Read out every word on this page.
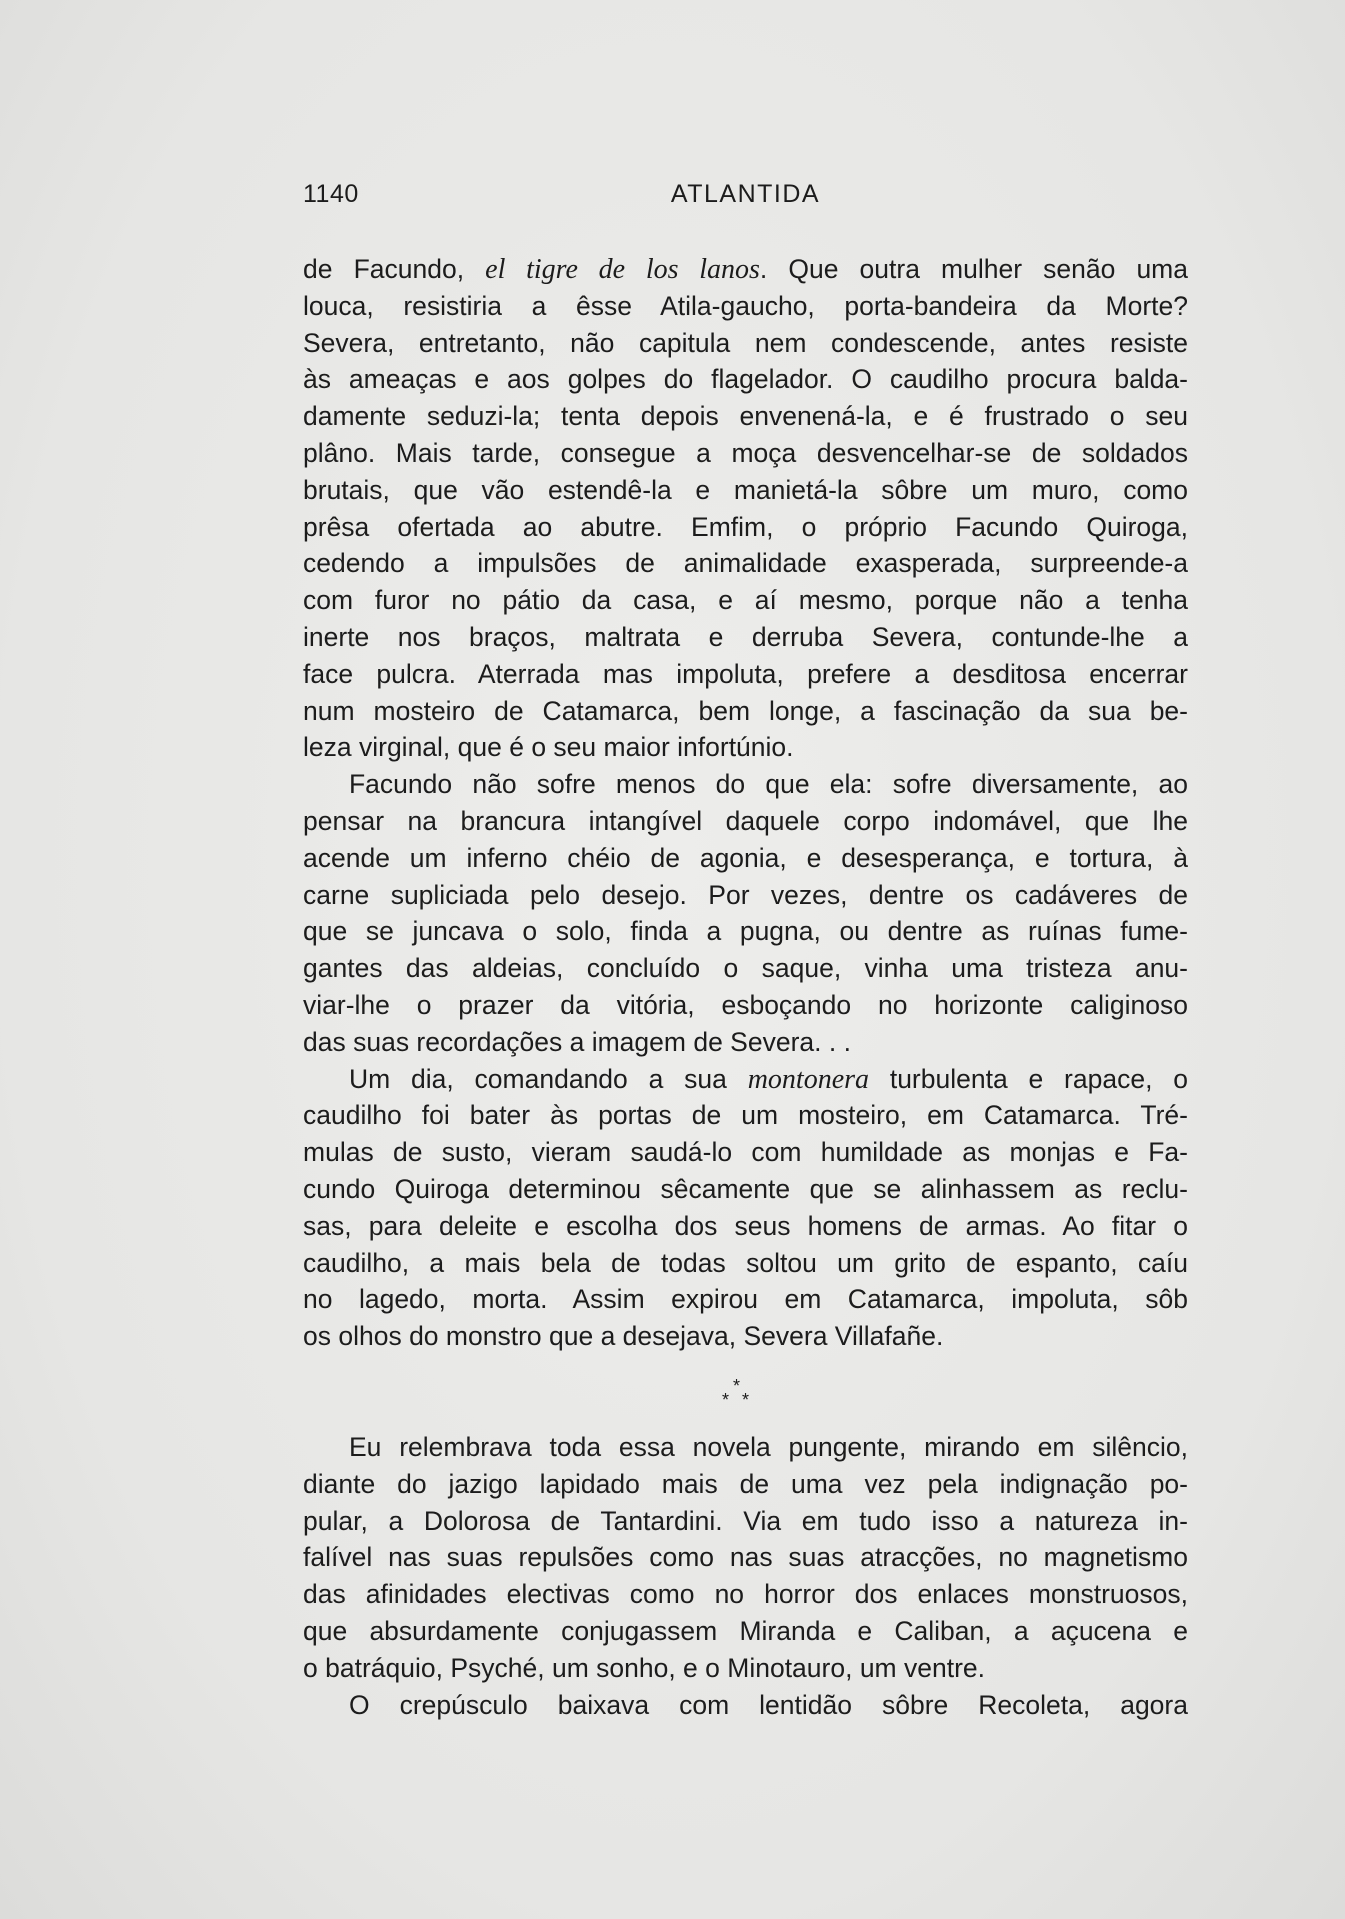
1140	ATLANTIDA
de Facundo, el tigre de los lanos. Que outra mulher senão uma
louca, resistiria a êsse Atila-gaucho, porta-bandeira da Morte?
Severa, entretanto, não capitula nem condescende, antes resiste
às ameaças e aos golpes do flagelador. O caudilho procura balda-
damente seduzi-la; tenta depois envenená-la, e é frustrado o seu
plâno. Mais tarde, consegue a moça desvencelhar-se de soldados
brutais, que vão estendê-la e manietá-la sôbre um muro, como
prêsa ofertada ao abutre. Emfim, o próprio Facundo Quiroga,
cedendo a impulsões de animalidade exasperada, surpreende-a
com furor no pátio da casa, e aí mesmo, porque não a tenha
inerte nos braços, maltrata e derruba Severa, contunde-lhe a
face pulcra. Aterrada mas impoluta, prefere a desditosa encerrar
num mosteiro de Catamarca, bem longe, a fascinação da sua be-
leza virginal, que é o seu maior infortúnio.
Facundo não sofre menos do que ela: sofre diversamente, ao
pensar na brancura intangível daquele corpo indomável, que lhe
acende um inferno chéio de agonia, e desesperança, e tortura, à
carne supliciada pelo desejo. Por vezes, dentre os cadáveres de
que se juncava o solo, finda a pugna, ou dentre as ruínas fume-
gantes das aldeias, concluído o saque, vinha uma tristeza anu-
viar-lhe o prazer da vitória, esboçando no horizonte caliginoso
das suas recordações a imagem de Severa. . .
Um dia, comandando a sua montonera turbulenta e rapace, o
caudilho foi bater às portas de um mosteiro, em Catamarca. Tré-
mulas de susto, vieram saudá-lo com humildade as monjas e Fa-
cundo Quiroga determinou sêcamente que se alinhassem as reclu-
sas, para deleite e escolha dos seus homens de armas. Ao fitar o
caudilho, a mais bela de todas soltou um grito de espanto, caíu
no lagedo, morta. Assim expirou em Catamarca, impoluta, sôb
os olhos do monstro que a desejava, Severa Villafañe.
*
* *
Eu relembrava toda essa novela pungente, mirando em silêncio,
diante do jazigo lapidado mais de uma vez pela indignação po-
pular, a Dolorosa de Tantardini. Via em tudo isso a natureza in-
falível nas suas repulsões como nas suas atracções, no magnetismo
das afinidades electivas como no horror dos enlaces monstruosos,
que absurdamente conjugassem Miranda e Caliban, a açucena e
o batráquio, Psyché, um sonho, e o Minotauro, um ventre.
O crepúsculo baixava com lentidão sôbre Recoleta, agora
